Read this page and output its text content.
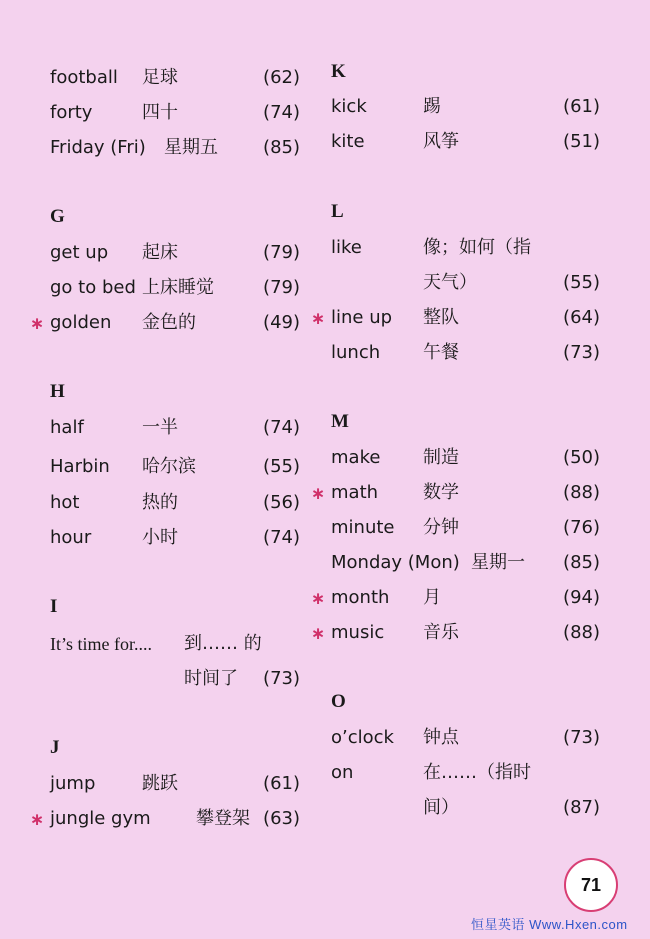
football 足球	(62)
forty	四十	(74)
Friday (Fri) 星期五	(85)
G
get up 起床	(79)
go to bed 上床睡觉	(79)
∗ golden 金色的	(49)
H
half	一半	(74)
Harbin 哈尔滨	(55)
hot	热的	(56)
hour	小时	(74)
I
It’s time for.... 到…… 的
时间了 (73)
J
jump	跳跃	(61)
∗ jungle gym	攀登架 (63)
K
kick	踢	(61)
kite	风筝	(51)
L
like	像；如何（指
天气）	(55)
∗ line up 整队	(64)
lunch 午餐	(73)
M
make 制造	(50)
∗ math 数学	(88)
minute 分钟	(76)
Monday (Mon) 星期一 (85)
∗ month 月	(94)
∗ music 音乐	(88)
O
o’clock 钟点	(73)
on	在……（指时
间）	(87)
71
恒星英语 Www.Hxen.com
